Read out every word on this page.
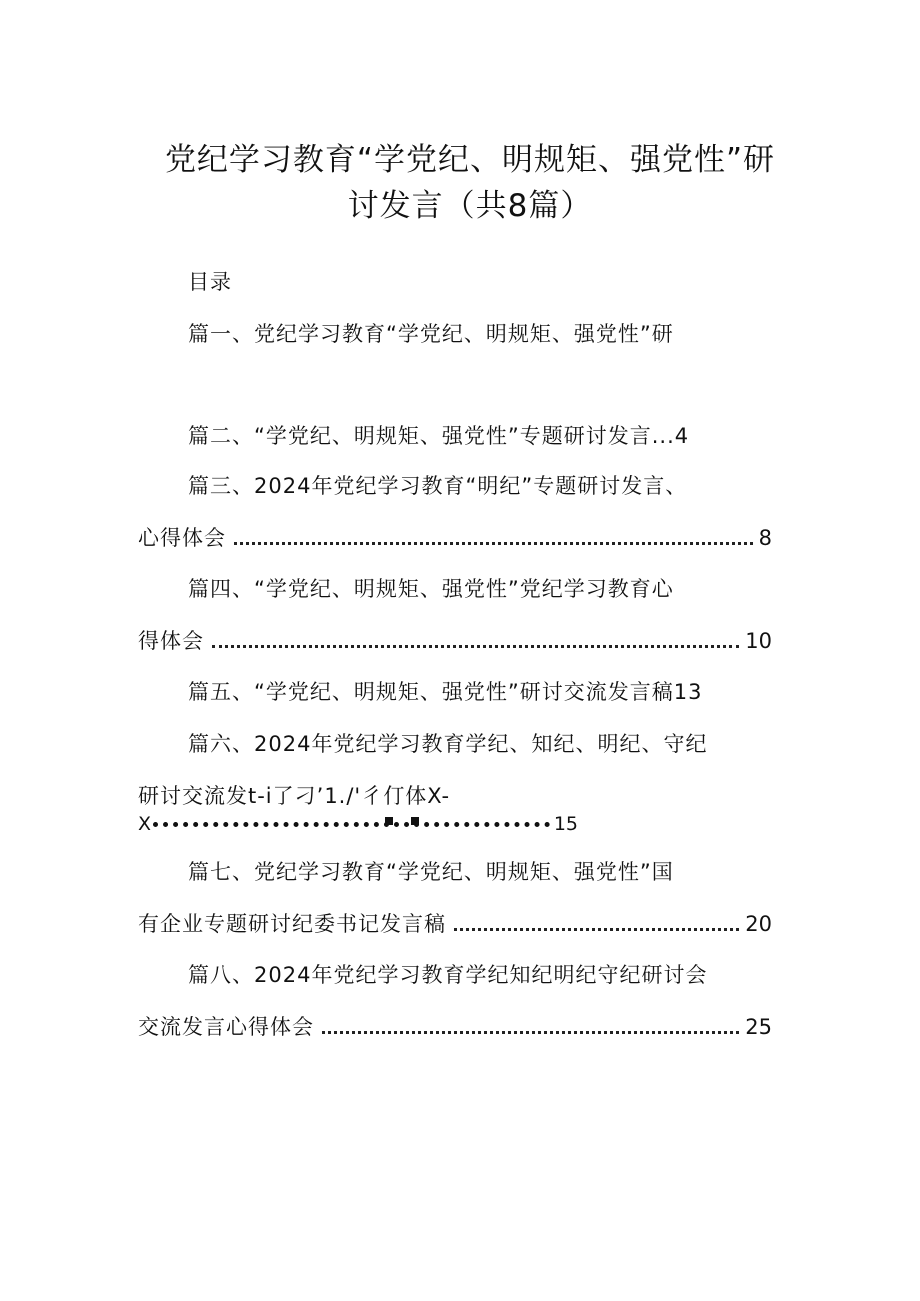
党纪学习教育“学党纪、明规矩、强党性”研
讨发言（共8篇）
目录
篇一、党纪学习教育“学党纪、明规矩、强党性”研
篇二、“学党纪、明规矩、强党性”专题研讨发言...4
篇三、2024年党纪学习教育“明纪”专题研讨发言、
心得体会	8
篇四、“学党纪、明规矩、强党性”党纪学习教育心
得体会	10
篇五、“学党纪、明规矩、强党性”研讨交流发言稿13
篇六、2024年党纪学习教育学纪、知纪、明纪、守纪
研讨交流发t-i了刁’1./'彳仃体X-
X	15
篇七、党纪学习教育“学党纪、明规矩、强党性”国
有企业专题研讨纪委书记发言稿	20
篇八、2024年党纪学习教育学纪知纪明纪守纪研讨会
交流发言心得体会	25
